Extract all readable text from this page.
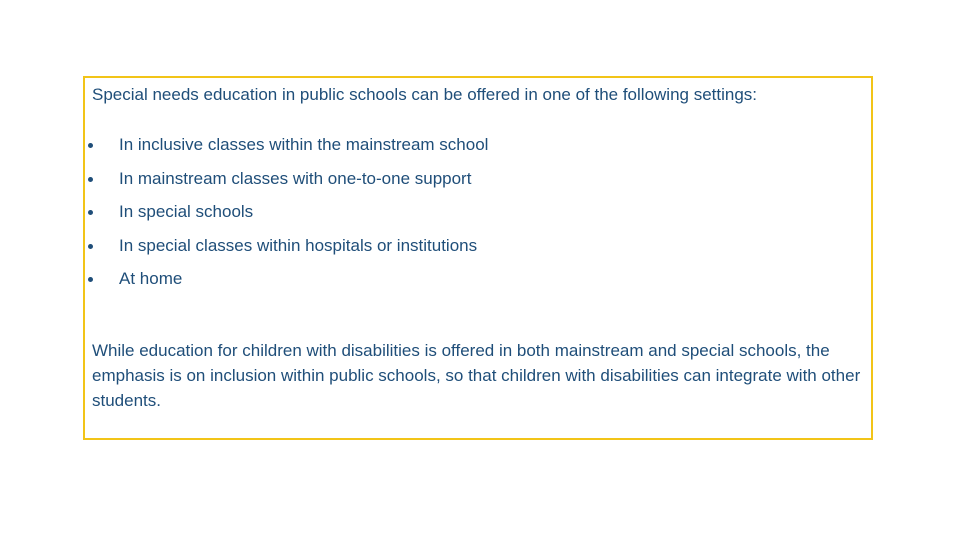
Special needs education in public schools can be offered in one of the following settings:
In inclusive classes within the mainstream school
In mainstream classes with one-to-one support
In special schools
In special classes within hospitals or institutions
At home
While education for children with disabilities is offered in both mainstream and special schools, the emphasis is on inclusion within public schools, so that children with disabilities can integrate with other students.
